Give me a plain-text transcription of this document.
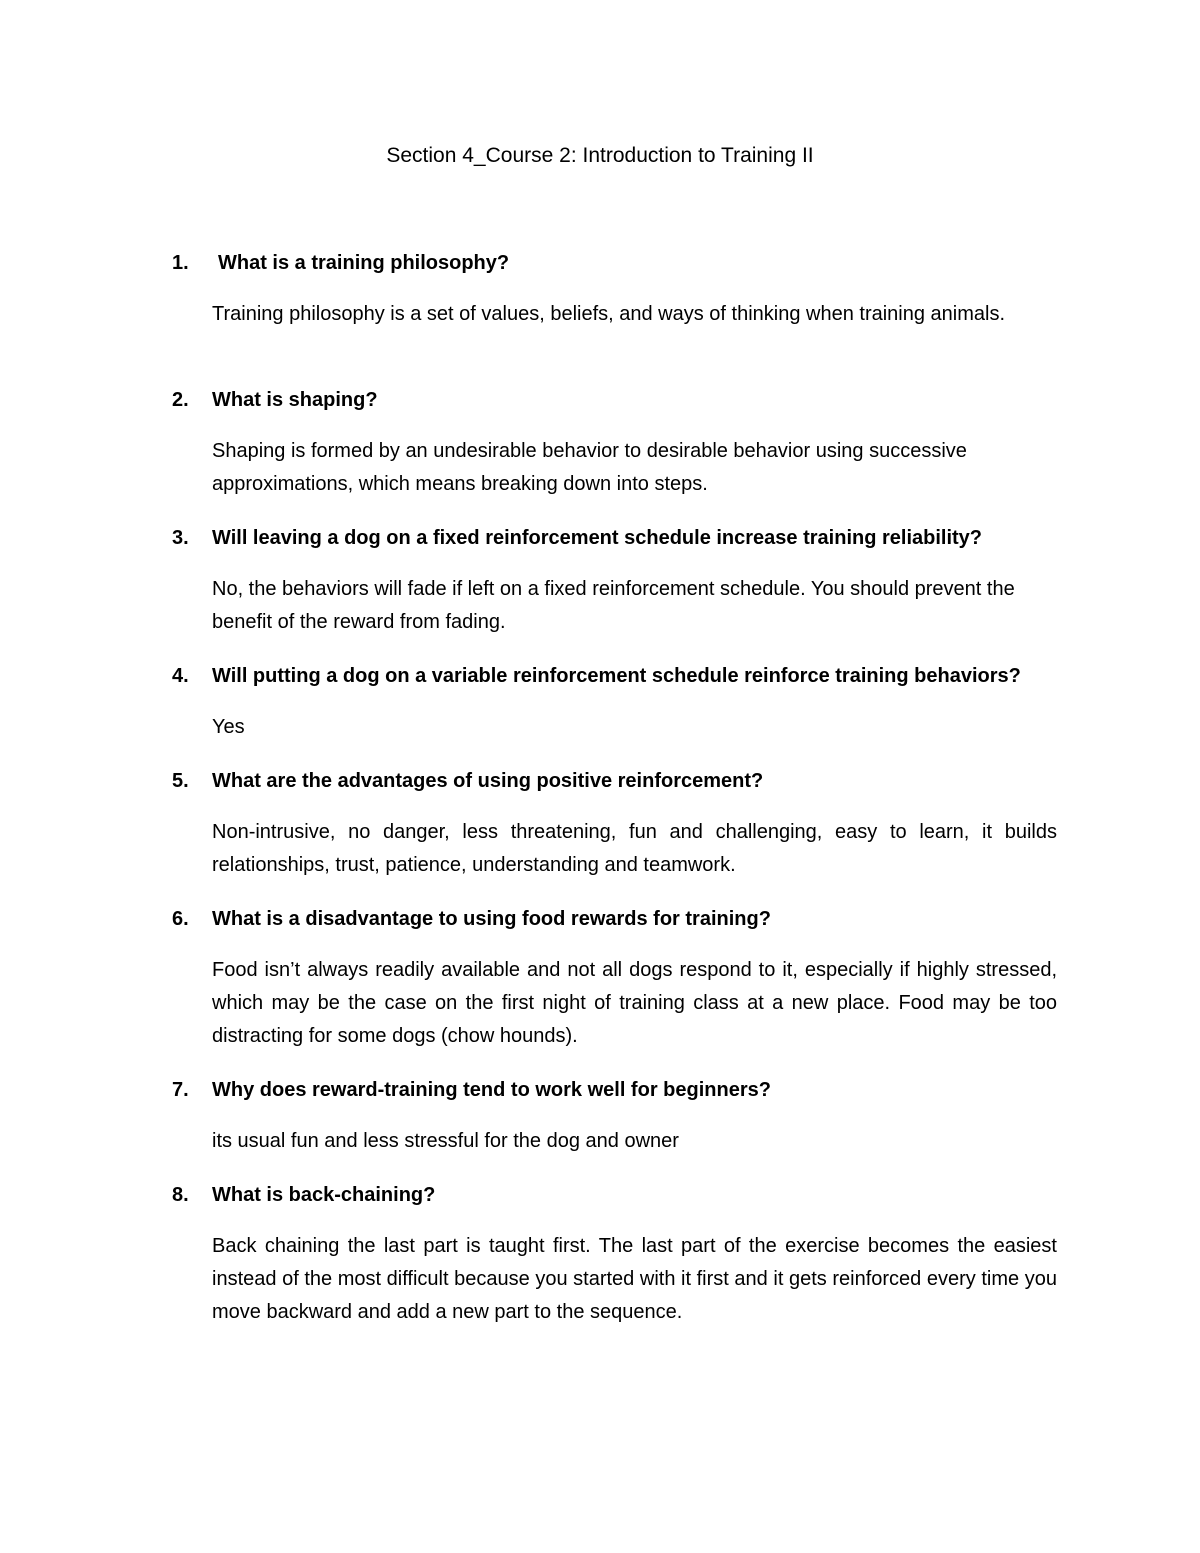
Section 4_Course 2: Introduction to Training II
1. What is a training philosophy?
Training philosophy is a set of values, beliefs, and ways of thinking when training animals.
2. What is shaping?
Shaping is formed by an undesirable behavior to desirable behavior using successive approximations, which means breaking down into steps.
3. Will leaving a dog on a fixed reinforcement schedule increase training reliability?
No, the behaviors will fade if left on a fixed reinforcement schedule. You should prevent the benefit of the reward from fading.
4. Will putting a dog on a variable reinforcement schedule reinforce training behaviors?
Yes
5. What are the advantages of using positive reinforcement?
Non-intrusive, no danger, less threatening, fun and challenging, easy to learn, it builds relationships, trust, patience, understanding and teamwork.
6. What is a disadvantage to using food rewards for training?
Food isn’t always readily available and not all dogs respond to it, especially if highly stressed, which may be the case on the first night of training class at a new place. Food may be too distracting for some dogs (chow hounds).
7. Why does reward-training tend to work well for beginners?
its usual fun and less stressful for the dog and owner
8. What is back-chaining?
Back chaining the last part is taught first. The last part of the exercise becomes the easiest instead of the most difficult because you started with it first and it gets reinforced every time you move backward and add a new part to the sequence.
